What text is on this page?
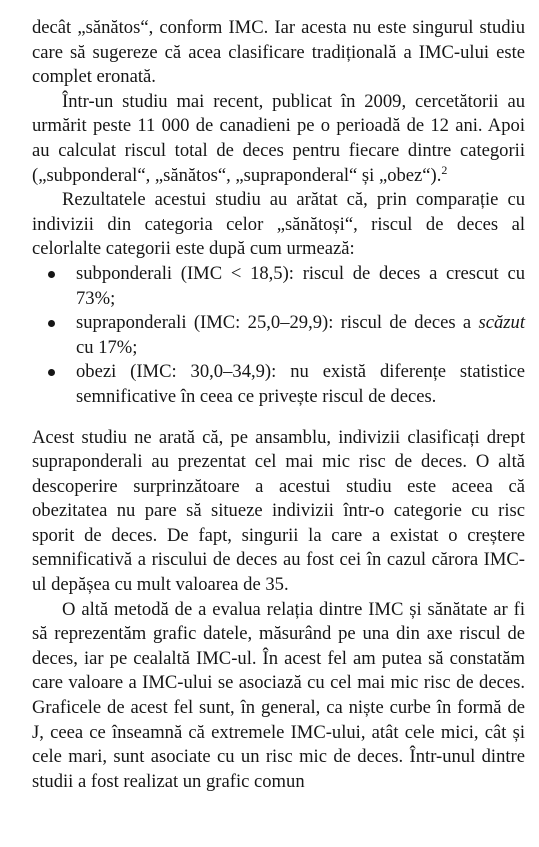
decât „sănătos“, conform IMC. Iar acesta nu este singurul studiu care să sugereze că acea clasificare tradițională a IMC-ului este complet eronată.

Într-un studiu mai recent, publicat în 2009, cercetătorii au urmărit peste 11 000 de canadieni pe o perioadă de 12 ani. Apoi au calculat riscul total de deces pentru fiecare dintre categorii („subponderal“, „sănătos“, „supraponderal“ și „obez“).$^2$

Rezultatele acestui studiu au arătat că, prin comparație cu indivizii din categoria celor „sănătoși“, riscul de deces al celorlalte categorii este după cum urmează:

subponderali (IMC < 18,5): riscul de deces a crescut cu 73%;
supraponderali (IMC: 25,0–29,9): riscul de deces a scăzut cu 17%;
obezi (IMC: 30,0–34,9): nu există diferențe statistice semnificative în ceea ce privește riscul de deces.

Acest studiu ne arată că, pe ansamblu, indivizii clasificați drept supraponderali au prezentat cel mai mic risc de deces. O altă descoperire surprinzătoare a acestui studiu este aceea că obezitatea nu pare să situeze indivizii într-o categorie cu risc sporit de deces. De fapt, singurii la care a existat o creștere semnificativă a riscului de deces au fost cei în cazul cărora IMC-ul depășea cu mult valoarea de 35.

O altă metodă de a evalua relația dintre IMC și sănătate ar fi să reprezentăm grafic datele, măsurând pe una din axe riscul de deces, iar pe cealaltă IMC-ul. În acest fel am putea să constatăm care valoare a IMC-ului se asociază cu cel mai mic risc de deces. Graficele de acest fel sunt, în general, ca niște curbe în formă de J, ceea ce înseamnă că extremele IMC-ului, atât cele mici, cât și cele mari, sunt asociate cu un risc mic de deces. Într-unul dintre studii a fost realizat un grafic comun
